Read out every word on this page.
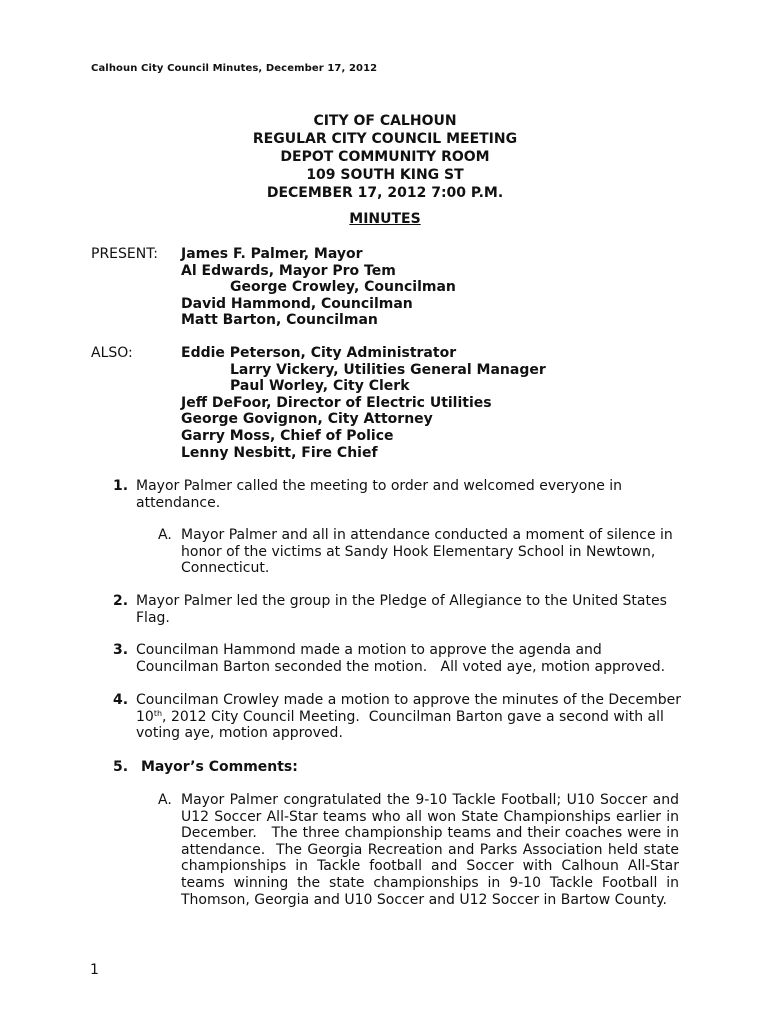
Calhoun City Council Minutes, December 17, 2012
CITY OF CALHOUN
REGULAR CITY COUNCIL MEETING
DEPOT COMMUNITY ROOM
109 SOUTH KING ST
DECEMBER 17, 2012 7:00 P.M.
MINUTES
PRESENT: James F. Palmer, Mayor
Al Edwards, Mayor Pro Tem
George Crowley, Councilman
David Hammond, Councilman
Matt Barton, Councilman
ALSO:	Eddie Peterson, City Administrator
Larry Vickery, Utilities General Manager
Paul Worley, City Clerk
Jeff DeFoor, Director of Electric Utilities
George Govignon, City Attorney
Garry Moss, Chief of Police
Lenny Nesbitt, Fire Chief
1. Mayor Palmer called the meeting to order and welcomed everyone in attendance.
A. Mayor Palmer and all in attendance conducted a moment of silence in honor of the victims at Sandy Hook Elementary School in Newtown, Connecticut.
2. Mayor Palmer led the group in the Pledge of Allegiance to the United States Flag.
3. Councilman Hammond made a motion to approve the agenda and Councilman Barton seconded the motion.   All voted aye, motion approved.
4. Councilman Crowley made a motion to approve the minutes of the December 10th, 2012 City Council Meeting.  Councilman Barton gave a second with all voting aye, motion approved.
5. Mayor’s Comments:
A. Mayor Palmer congratulated the 9-10 Tackle Football; U10 Soccer and U12 Soccer All-Star teams who all won State Championships earlier in December.   The three championship teams and their coaches were in attendance.  The Georgia Recreation and Parks Association held state championships in Tackle football and Soccer with Calhoun All-Star teams winning the state championships in 9-10 Tackle Football in Thomson, Georgia and U10 Soccer and U12 Soccer in Bartow County.
1
